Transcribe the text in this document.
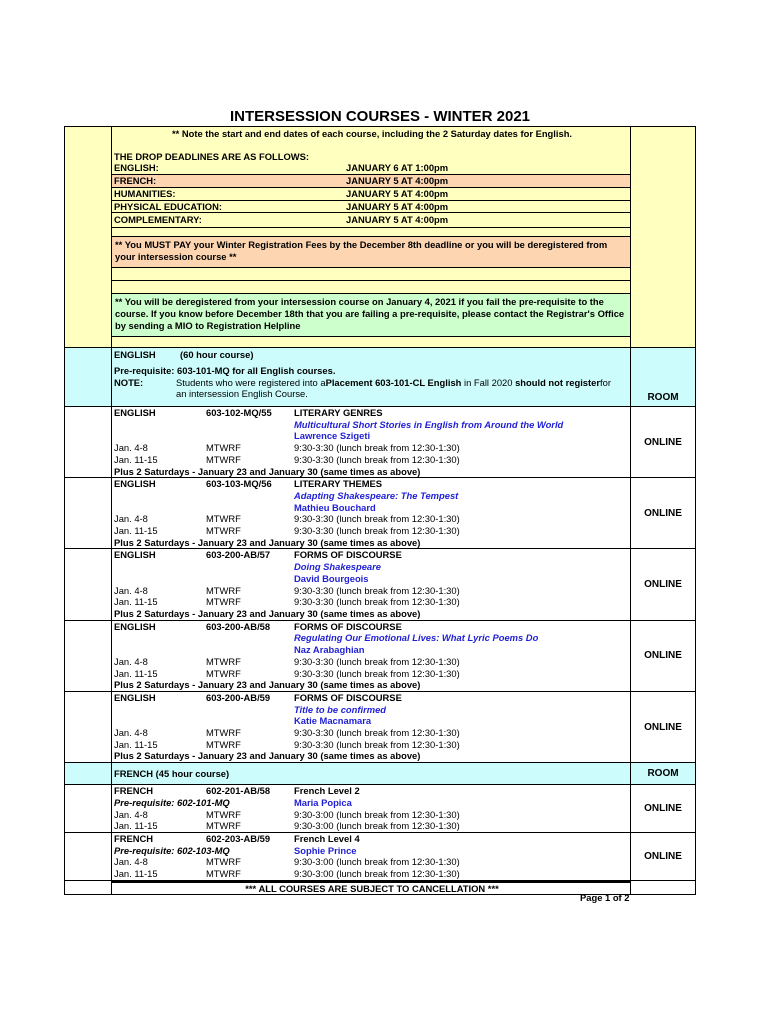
INTERSESSION COURSES - WINTER 2021
** Note the start and end dates of each course, including the 2 Saturday dates for English.
THE DROP DEADLINES ARE AS FOLLOWS:
ENGLISH:	JANUARY 6 AT 1:00pm
FRENCH:	JANUARY 5 AT 4:00pm
HUMANITIES:	JANUARY 5 AT 4:00pm
PHYSICAL EDUCATION:	JANUARY 5 AT 4:00pm
COMPLEMENTARY:	JANUARY 5 AT 4:00pm
** You MUST PAY your Winter Registration Fees by the December 8th deadline or you will be deregistered from your intersession course **
** You will be deregistered from your intersession course on January 4, 2021 if you fail the pre-requisite to the course. If you know before December 18th that you are failing a pre-requisite, please contact the Registrar's Office by sending a MIO to Registration Helpline
ENGLISH	(60 hour course)
Pre-requisite: 603-101-MQ for all English courses.
NOTE:	Students who were registered into a Placement 603-101-CL English in Fall 2020 should not register for
an intersession English Course.	ROOM
ENGLISH	603-102-MQ/55	LITERARY GENRES
Multicultural Short Stories in English from Around the World
Lawrence Szigeti
Jan. 4-8	MTWRF	9:30-3:30 (lunch break from 12:30-1:30)
Jan. 11-15	MTWRF	9:30-3:30 (lunch break from 12:30-1:30)
Plus 2 Saturdays - January 23 and January 30 (same times as above)
ONLINE
ENGLISH	603-103-MQ/56	LITERARY THEMES
Adapting Shakespeare: The Tempest
Mathieu Bouchard
Jan. 4-8	MTWRF	9:30-3:30 (lunch break from 12:30-1:30)
Jan. 11-15	MTWRF	9:30-3:30 (lunch break from 12:30-1:30)
Plus 2 Saturdays - January 23 and January 30 (same times as above)
ONLINE
ENGLISH	603-200-AB/57	FORMS OF DISCOURSE
Doing Shakespeare
David Bourgeois
Jan. 4-8	MTWRF	9:30-3:30 (lunch break from 12:30-1:30)
Jan. 11-15	MTWRF	9:30-3:30 (lunch break from 12:30-1:30)
Plus 2 Saturdays - January 23 and January 30 (same times as above)
ONLINE
ENGLISH	603-200-AB/58	FORMS OF DISCOURSE
Regulating Our Emotional Lives: What Lyric Poems Do
Naz Arabaghian
Jan. 4-8	MTWRF	9:30-3:30 (lunch break from 12:30-1:30)
Jan. 11-15	MTWRF	9:30-3:30 (lunch break from 12:30-1:30)
Plus 2 Saturdays - January 23 and January 30 (same times as above)
ONLINE
ENGLISH	603-200-AB/59	FORMS OF DISCOURSE
Title to be confirmed
Katie Macnamara
Jan. 4-8	MTWRF	9:30-3:30 (lunch break from 12:30-1:30)
Jan. 11-15	MTWRF	9:30-3:30 (lunch break from 12:30-1:30)
Plus 2 Saturdays - January 23 and January 30 (same times as above)
ONLINE
FRENCH (45 hour course)	ROOM
FRENCH	602-201-AB/58	French Level 2
Pre-requisite: 602-101-MQ	Maria Popica
Jan. 4-8	MTWRF	9:30-3:00 (lunch break from 12:30-1:30)
Jan. 11-15	MTWRF	9:30-3:00 (lunch break from 12:30-1:30)
ONLINE
FRENCH	602-203-AB/59	French Level 4
Pre-requisite: 602-103-MQ	Sophie Prince
Jan. 4-8	MTWRF	9:30-3:00 (lunch break from 12:30-1:30)
Jan. 11-15	MTWRF	9:30-3:00 (lunch break from 12:30-1:30)
ONLINE
*** ALL COURSES ARE SUBJECT TO CANCELLATION ***
Page 1 of 2
